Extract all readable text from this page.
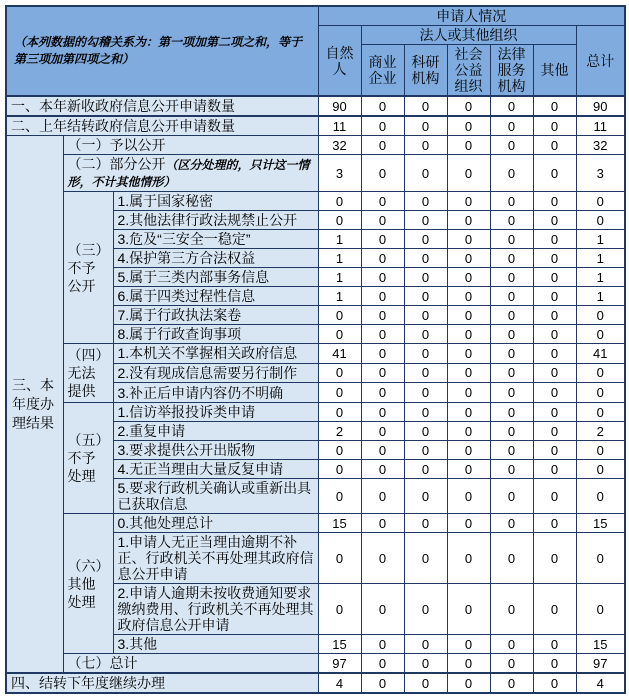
（本列数据的勾稽关系为：第一项加第二项之和，等于第三项加第四项之和）			申请人情况						
			自然人	法人或其他组织					总计
				商业企业	科研机构	社会公益组织	法律服务机构	其他	
一、本年新收政府信息公开申请数量			90	0	0	0	0	0	90
二、上年结转政府信息公开申请数量			11	0	0	0	0	0	11
三、本年度办理结果	（一）予以公开		32	0	0	0	0	0	32
	（二）部分公开（区分处理的，只计这一情形，不计其他情形）		3	0	0	0	0	0	3
	（三）不予公开	1.属于国家秘密	0	0	0	0	0	0	0
		2.其他法律行政法规禁止公开	0	0	0	0	0	0	0
		3.危及“三安全一稳定”	1	0	0	0	0	0	1
		4.保护第三方合法权益	1	0	0	0	0	0	1
		5.属于三类内部事务信息	1	0	0	0	0	0	1
		6.属于四类过程性信息	1	0	0	0	0	0	1
		7.属于行政执法案卷	0	0	0	0	0	0	0
		8.属于行政查询事项	0	0	0	0	0	0	0
	（四）无法提供	1.本机关不掌握相关政府信息	41	0	0	0	0	0	41
		2.没有现成信息需要另行制作	0	0	0	0	0	0	0
		3.补正后申请内容仍不明确	0	0	0	0	0	0	0
	（五）不予处理	1.信访举报投诉类申请	0	0	0	0	0	0	0
		2.重复申请	2	0	0	0	0	0	2
		3.要求提供公开出版物	0	0	0	0	0	0	0
		4.无正当理由大量反复申请	0	0	0	0	0	0	0
		5.要求行政机关确认或重新出具已获取信息	0	0	0	0	0	0	0
	（六）其他处理	0.其他处理总计	15	0	0	0	0	0	15
		1.申请人无正当理由逾期不补正、行政机关不再处理其政府信息公开申请	0	0	0	0	0	0	0
		2.申请人逾期未按收费通知要求缴纳费用、行政机关不再处理其政府信息公开申请	0	0	0	0	0	0	0
		3.其他	15	0	0	0	0	0	15
	（七）总计		97	0	0	0	0	0	97
四、结转下年度继续办理			4	0	0	0	0	0	4
